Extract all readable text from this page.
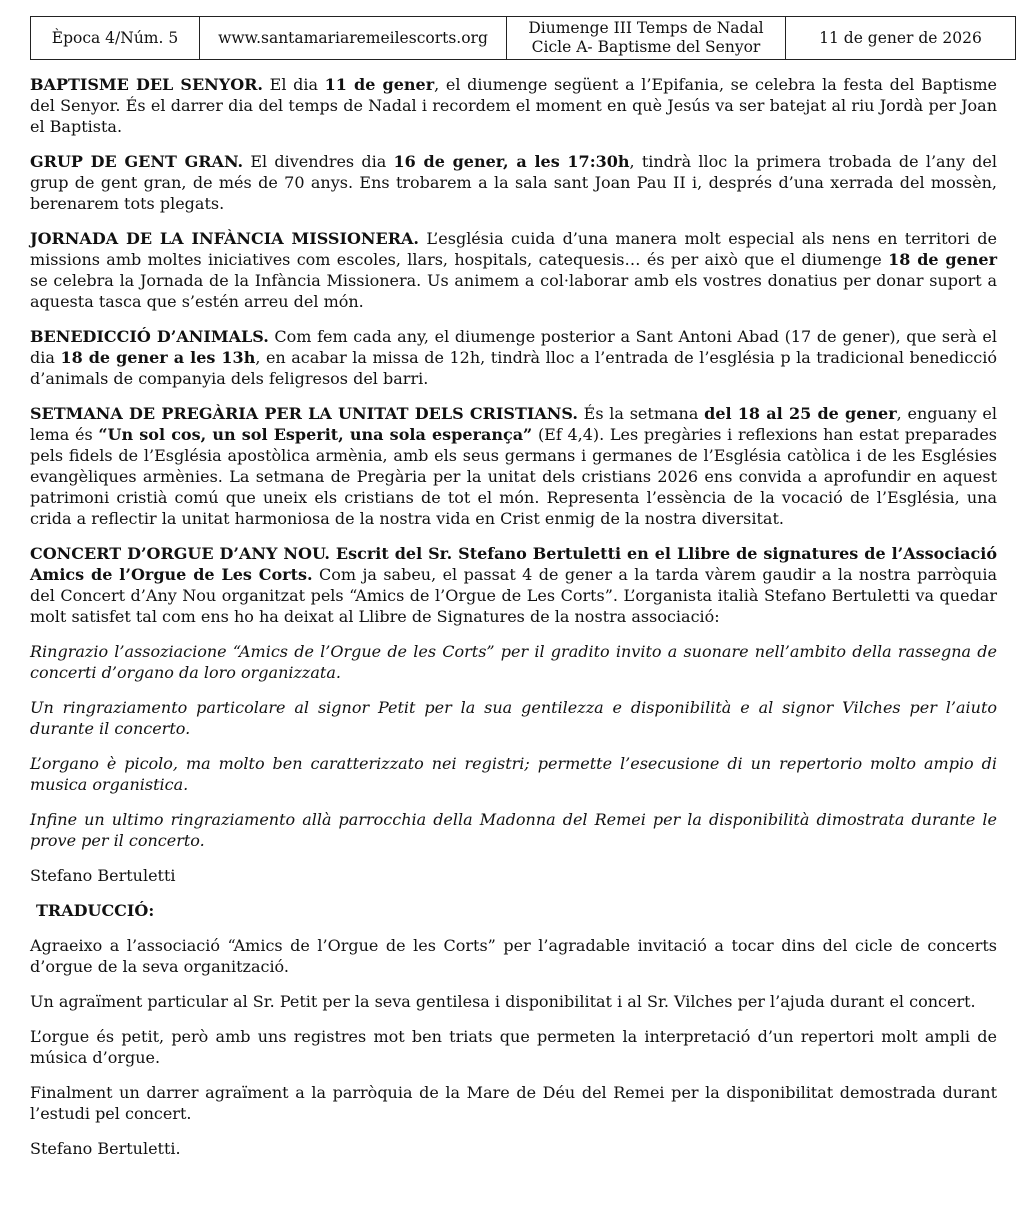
Època 4/Núm. 5	www.santamariaremeilescorts.org	
Diumenge III Temps de Nadal
Cicle A- Baptisme del Senyor
	11 de gener de 2026

BAPTISME DEL SENYOR. El dia 11 de gener, el diumenge següent a l’Epifania, se celebra la festa del Baptisme del Senyor. És el darrer dia del temps de Nadal i recordem el moment en què Jesús va ser batejat al riu Jordà per Joan el Baptista.

GRUP DE GENT GRAN. El divendres dia 16 de gener, a les 17:30h, tindrà lloc la primera trobada de l’any del grup de gent gran, de més de 70 anys. Ens trobarem a la sala sant Joan Pau II i, després d’una xerrada del mossèn, berenarem tots plegats.

JORNADA DE LA INFÀNCIA MISSIONERA. L’església cuida d’una manera molt especial als nens en territori de missions amb moltes iniciatives com escoles, llars, hospitals, catequesis… és per això que el diumenge 18 de gener se celebra la Jornada de la Infància Missionera. Us animem a col·laborar amb els vostres donatius per donar suport a aquesta tasca que s’estén arreu del món.

BENEDICCIÓ D’ANIMALS. Com fem cada any, el diumenge posterior a Sant Antoni Abad (17 de gener), que serà el dia 18 de gener a les 13h, en acabar la missa de 12h, tindrà lloc a l’entrada de l’església p la tradicional benedicció d’animals de companyia dels feligresos del barri.

SETMANA DE PREGÀRIA PER LA UNITAT DELS CRISTIANS. És la setmana del 18 al 25 de gener, enguany el lema és “Un sol cos, un sol Esperit, una sola esperança” (Ef 4,4). Les pregàries i reflexions han estat preparades pels fidels de l’Església apostòlica armènia, amb els seus germans i germanes de l’Església catòlica i de les Esglésies evangèliques armènies. La setmana de Pregària per la unitat dels cristians 2026 ens convida a aprofundir en aquest patrimoni cristià comú que uneix els cristians de tot el món. Representa l’essència de la vocació de l’Església, una crida a reflectir la unitat harmoniosa de la nostra vida en Crist enmig de la nostra diversitat.

CONCERT D’ORGUE D’ANY NOU. Escrit del Sr. Stefano Bertuletti en el Llibre de signatures de l’Associació Amics de l’Orgue de Les Corts. Com ja sabeu, el passat 4 de gener a la tarda vàrem gaudir a la nostra parròquia del Concert d’Any Nou organitzat pels “Amics de l’Orgue de Les Corts”. L’organista italià Stefano Bertuletti va quedar molt satisfet tal com ens ho ha deixat al Llibre de Signatures de la nostra associació:

Ringrazio l’assoziacione “Amics de l’Orgue de les Corts” per il gradito invito a suonare nell’ambito della rassegna de concerti d’organo da loro organizzata.

Un ringraziamento particolare al signor Petit per la sua gentilezza e disponibilità e al signor Vilches per l’aiuto durante il concerto.

L’organo è picolo, ma molto ben caratterizzato nei registri; permette l’esecusione di un repertorio molto ampio di musica organistica.

Infine un ultimo ringraziamento allà parrocchia della Madonna del Remei per la disponibilità dimostrata durante le prove per il concerto.

Stefano Bertuletti

TRADUCCIÓ:

Agraeixo a l’associació “Amics de l’Orgue de les Corts” per l’agradable invitació a tocar dins del cicle de concerts d’orgue de la seva organització.

Un agraïment particular al Sr. Petit per la seva gentilesa i disponibilitat i al Sr. Vilches per l’ajuda durant el concert.

L’orgue és petit, però amb uns registres mot ben triats que permeten la interpretació d’un repertori molt ampli de música d’orgue.

Finalment un darrer agraïment a la parròquia de la Mare de Déu del Remei per la disponibilitat demostrada durant l’estudi pel concert.

Stefano Bertuletti.
